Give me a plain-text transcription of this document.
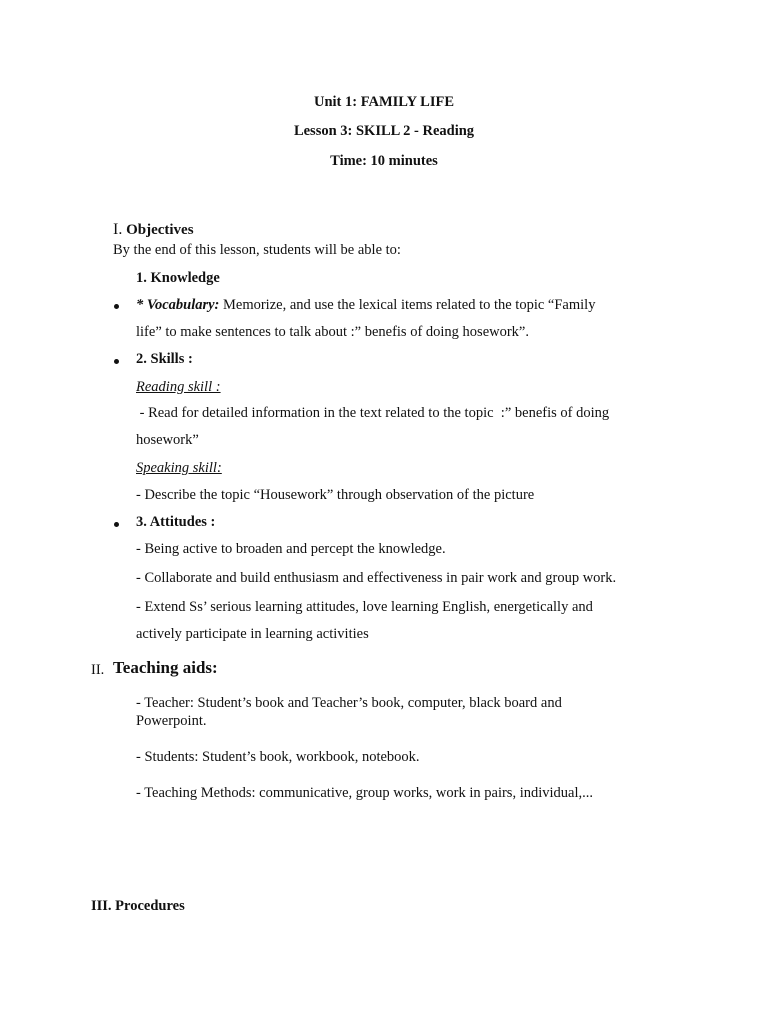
Unit 1: FAMILY LIFE
Lesson 3: SKILL 2 - Reading
Time: 10 minutes
I. Objectives
By the end of this lesson, students will be able to:
1. Knowledge
* Vocabulary: Memorize, and use the lexical items related to the topic “Family
life” to make sentences to talk about :” benefis of doing hosework”.
2. Skills :
Reading skill :
- Read for detailed information in the text related to the topic  :” benefis of doing
hosework”
Speaking skill:
- Describe the topic “Housework” through observation of the picture
3. Attitudes :
- Being active to broaden and percept the knowledge.
- Collaborate and build enthusiasm and effectiveness in pair work and group work.
- Extend Ss’ serious learning attitudes, love learning English, energetically and
actively participate in learning activities
II. Teaching aids:
- Teacher: Student’s book and Teacher’s book, computer, black board and
Powerpoint.
- Students: Student’s book, workbook, notebook.
- Teaching Methods: communicative, group works, work in pairs, individual,...
III. Procedures
